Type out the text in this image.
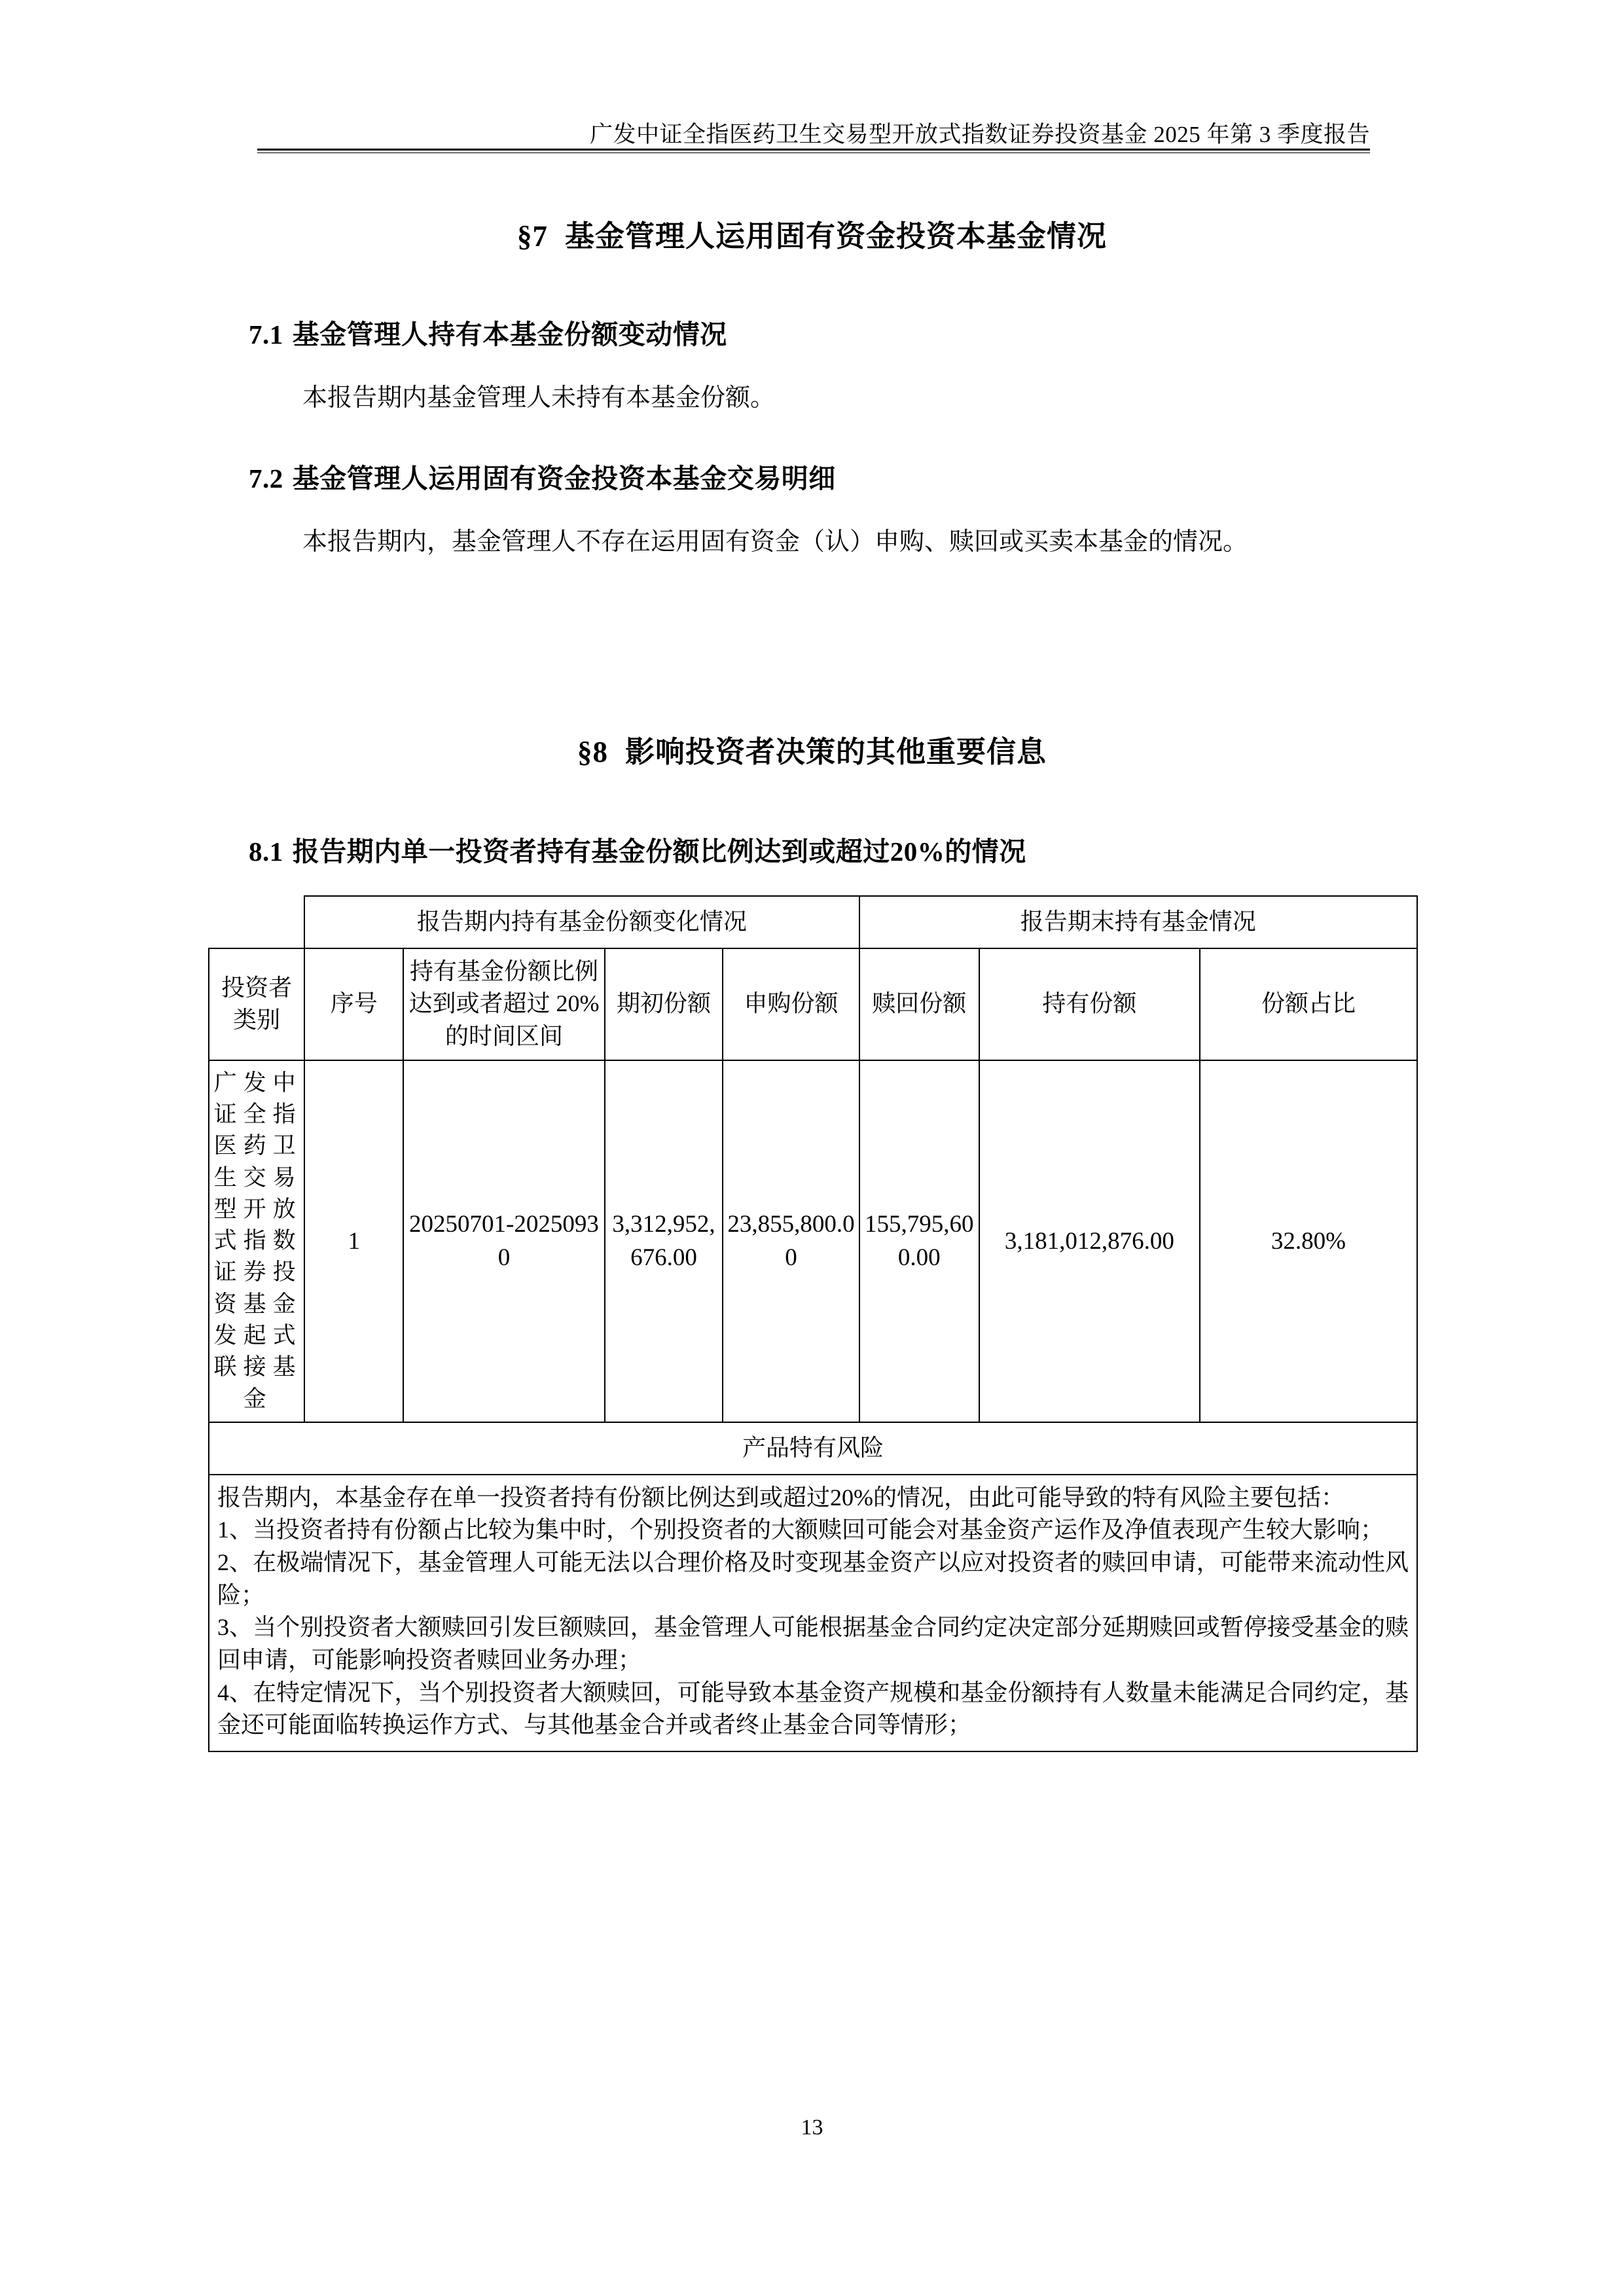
广发中证全指医药卫生交易型开放式指数证券投资基金 2025 年第 3 季度报告
§7 基金管理人运用固有资金投资本基金情况
7.1 基金管理人持有本基金份额变动情况
本报告期内基金管理人未持有本基金份额。
7.2 基金管理人运用固有资金投资本基金交易明细
本报告期内，基金管理人不存在运用固有资金（认）申购、赎回或买卖本基金的情况。
§8 影响投资者决策的其他重要信息
8.1 报告期内单一投资者持有基金份额比例达到或超过20%的情况
	报告期内持有基金份额变化情况				报告期末持有基金情况		
投资者类别	序号	持有基金份额比例达到或者超过 20%的时间区间	期初份额	申购份额	赎回份额	持有份额	份额占比
广发中证全指医药卫生交易型开放式指数证券投资基金发起式联接基金	1	20250701-20250930	3,312,952,676.00	23,855,800.00	155,795,600.00	3,181,012,876.00	32.80%
产品特有风险							

报告期内，本基金存在单一投资者持有份额比例达到或超过20%的情况，由此可能导致的特有风险主要包括：

1、当投资者持有份额占比较为集中时，个别投资者的大额赎回可能会对基金资产运作及净值表现产生较大影响；

2、在极端情况下，基金管理人可能无法以合理价格及时变现基金资产以应对投资者的赎回申请，可能带来流动性风险；

3、当个别投资者大额赎回引发巨额赎回，基金管理人可能根据基金合同约定决定部分延期赎回或暂停接受基金的赎回申请，可能影响投资者赎回业务办理；

4、在特定情况下，当个别投资者大额赎回，可能导致本基金资产规模和基金份额持有人数量未能满足合同约定，基金还可能面临转换运作方式、与其他基金合并或者终止基金合同等情形；							

13
